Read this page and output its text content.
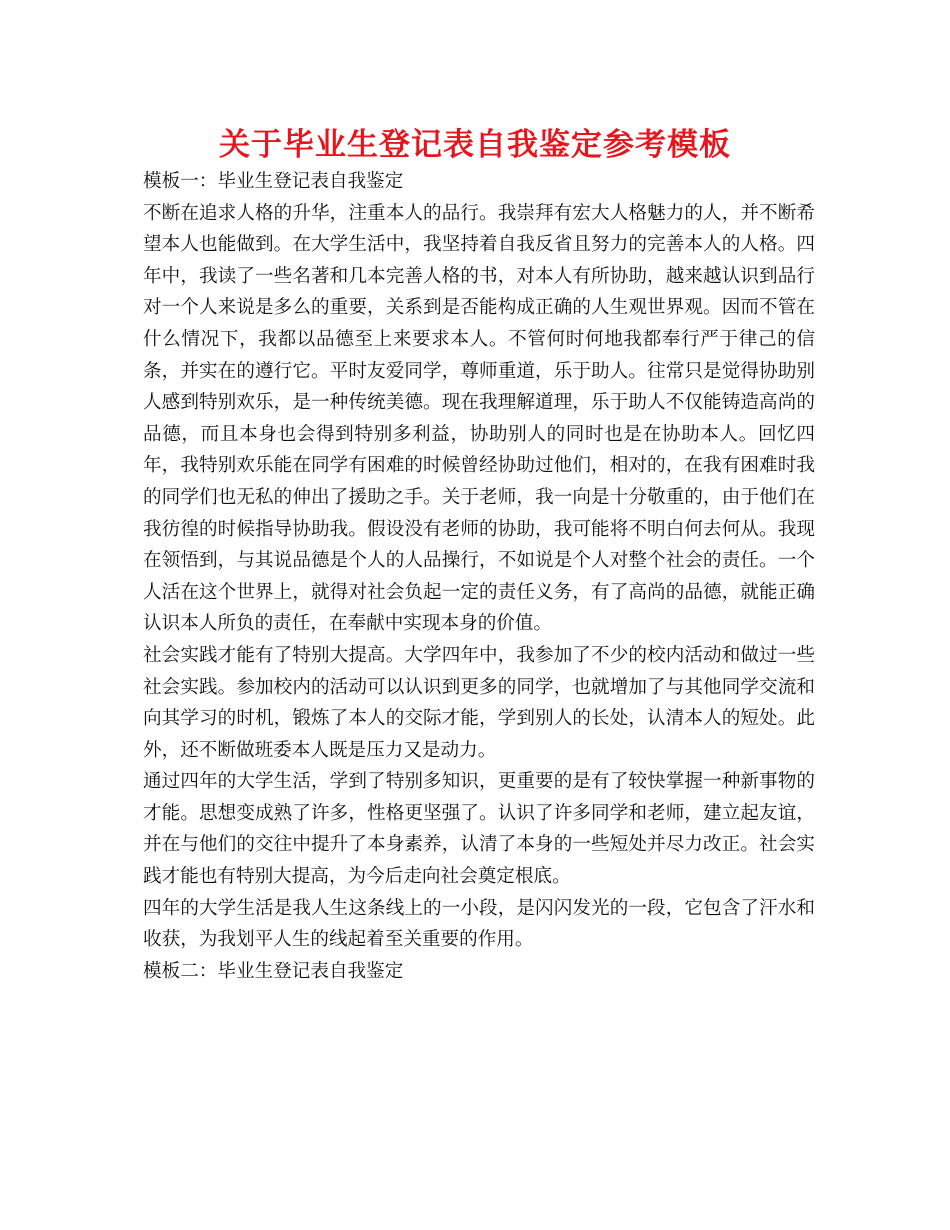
关于毕业生登记表自我鉴定参考模板

模板一：毕业生登记表自我鉴定

不断在追求人格的升华，注重本人的品行。我崇拜有宏大人格魅力的人，并不断希望本人也能做到。在大学生活中，我坚持着自我反省且努力的完善本人的人格。四年中，我读了一些名著和几本完善人格的书，对本人有所协助，越来越认识到品行对一个人来说是多么的重要，关系到是否能构成正确的人生观世界观。因而不管在什么情况下，我都以品德至上来要求本人。不管何时何地我都奉行严于律己的信条，并实在的遵行它。平时友爱同学，尊师重道，乐于助人。往常只是觉得协助别人感到特别欢乐，是一种传统美德。现在我理解道理，乐于助人不仅能铸造高尚的品德，而且本身也会得到特别多利益，协助别人的同时也是在协助本人。回忆四年，我特别欢乐能在同学有困难的时候曾经协助过他们，相对的，在我有困难时我的同学们也无私的伸出了援助之手。关于老师，我一向是十分敬重的，由于他们在我彷徨的时候指导协助我。假设没有老师的协助，我可能将不明白何去何从。我现在领悟到，与其说品德是个人的人品操行，不如说是个人对整个社会的责任。一个人活在这个世界上，就得对社会负起一定的责任义务，有了高尚的品德，就能正确认识本人所负的责任，在奉献中实现本身的价值。

社会实践才能有了特别大提高。大学四年中，我参加了不少的校内活动和做过一些社会实践。参加校内的活动可以认识到更多的同学，也就增加了与其他同学交流和向其学习的时机，锻炼了本人的交际才能，学到别人的长处，认清本人的短处。此外，还不断做班委本人既是压力又是动力。

通过四年的大学生活，学到了特别多知识，更重要的是有了较快掌握一种新事物的才能。思想变成熟了许多，性格更坚强了。认识了许多同学和老师，建立起友谊，并在与他们的交往中提升了本身素养，认清了本身的一些短处并尽力改正。社会实践才能也有特别大提高，为今后走向社会奠定根底。

四年的大学生活是我人生这条线上的一小段，是闪闪发光的一段，它包含了汗水和收获，为我划平人生的线起着至关重要的作用。

模板二：毕业生登记表自我鉴定
